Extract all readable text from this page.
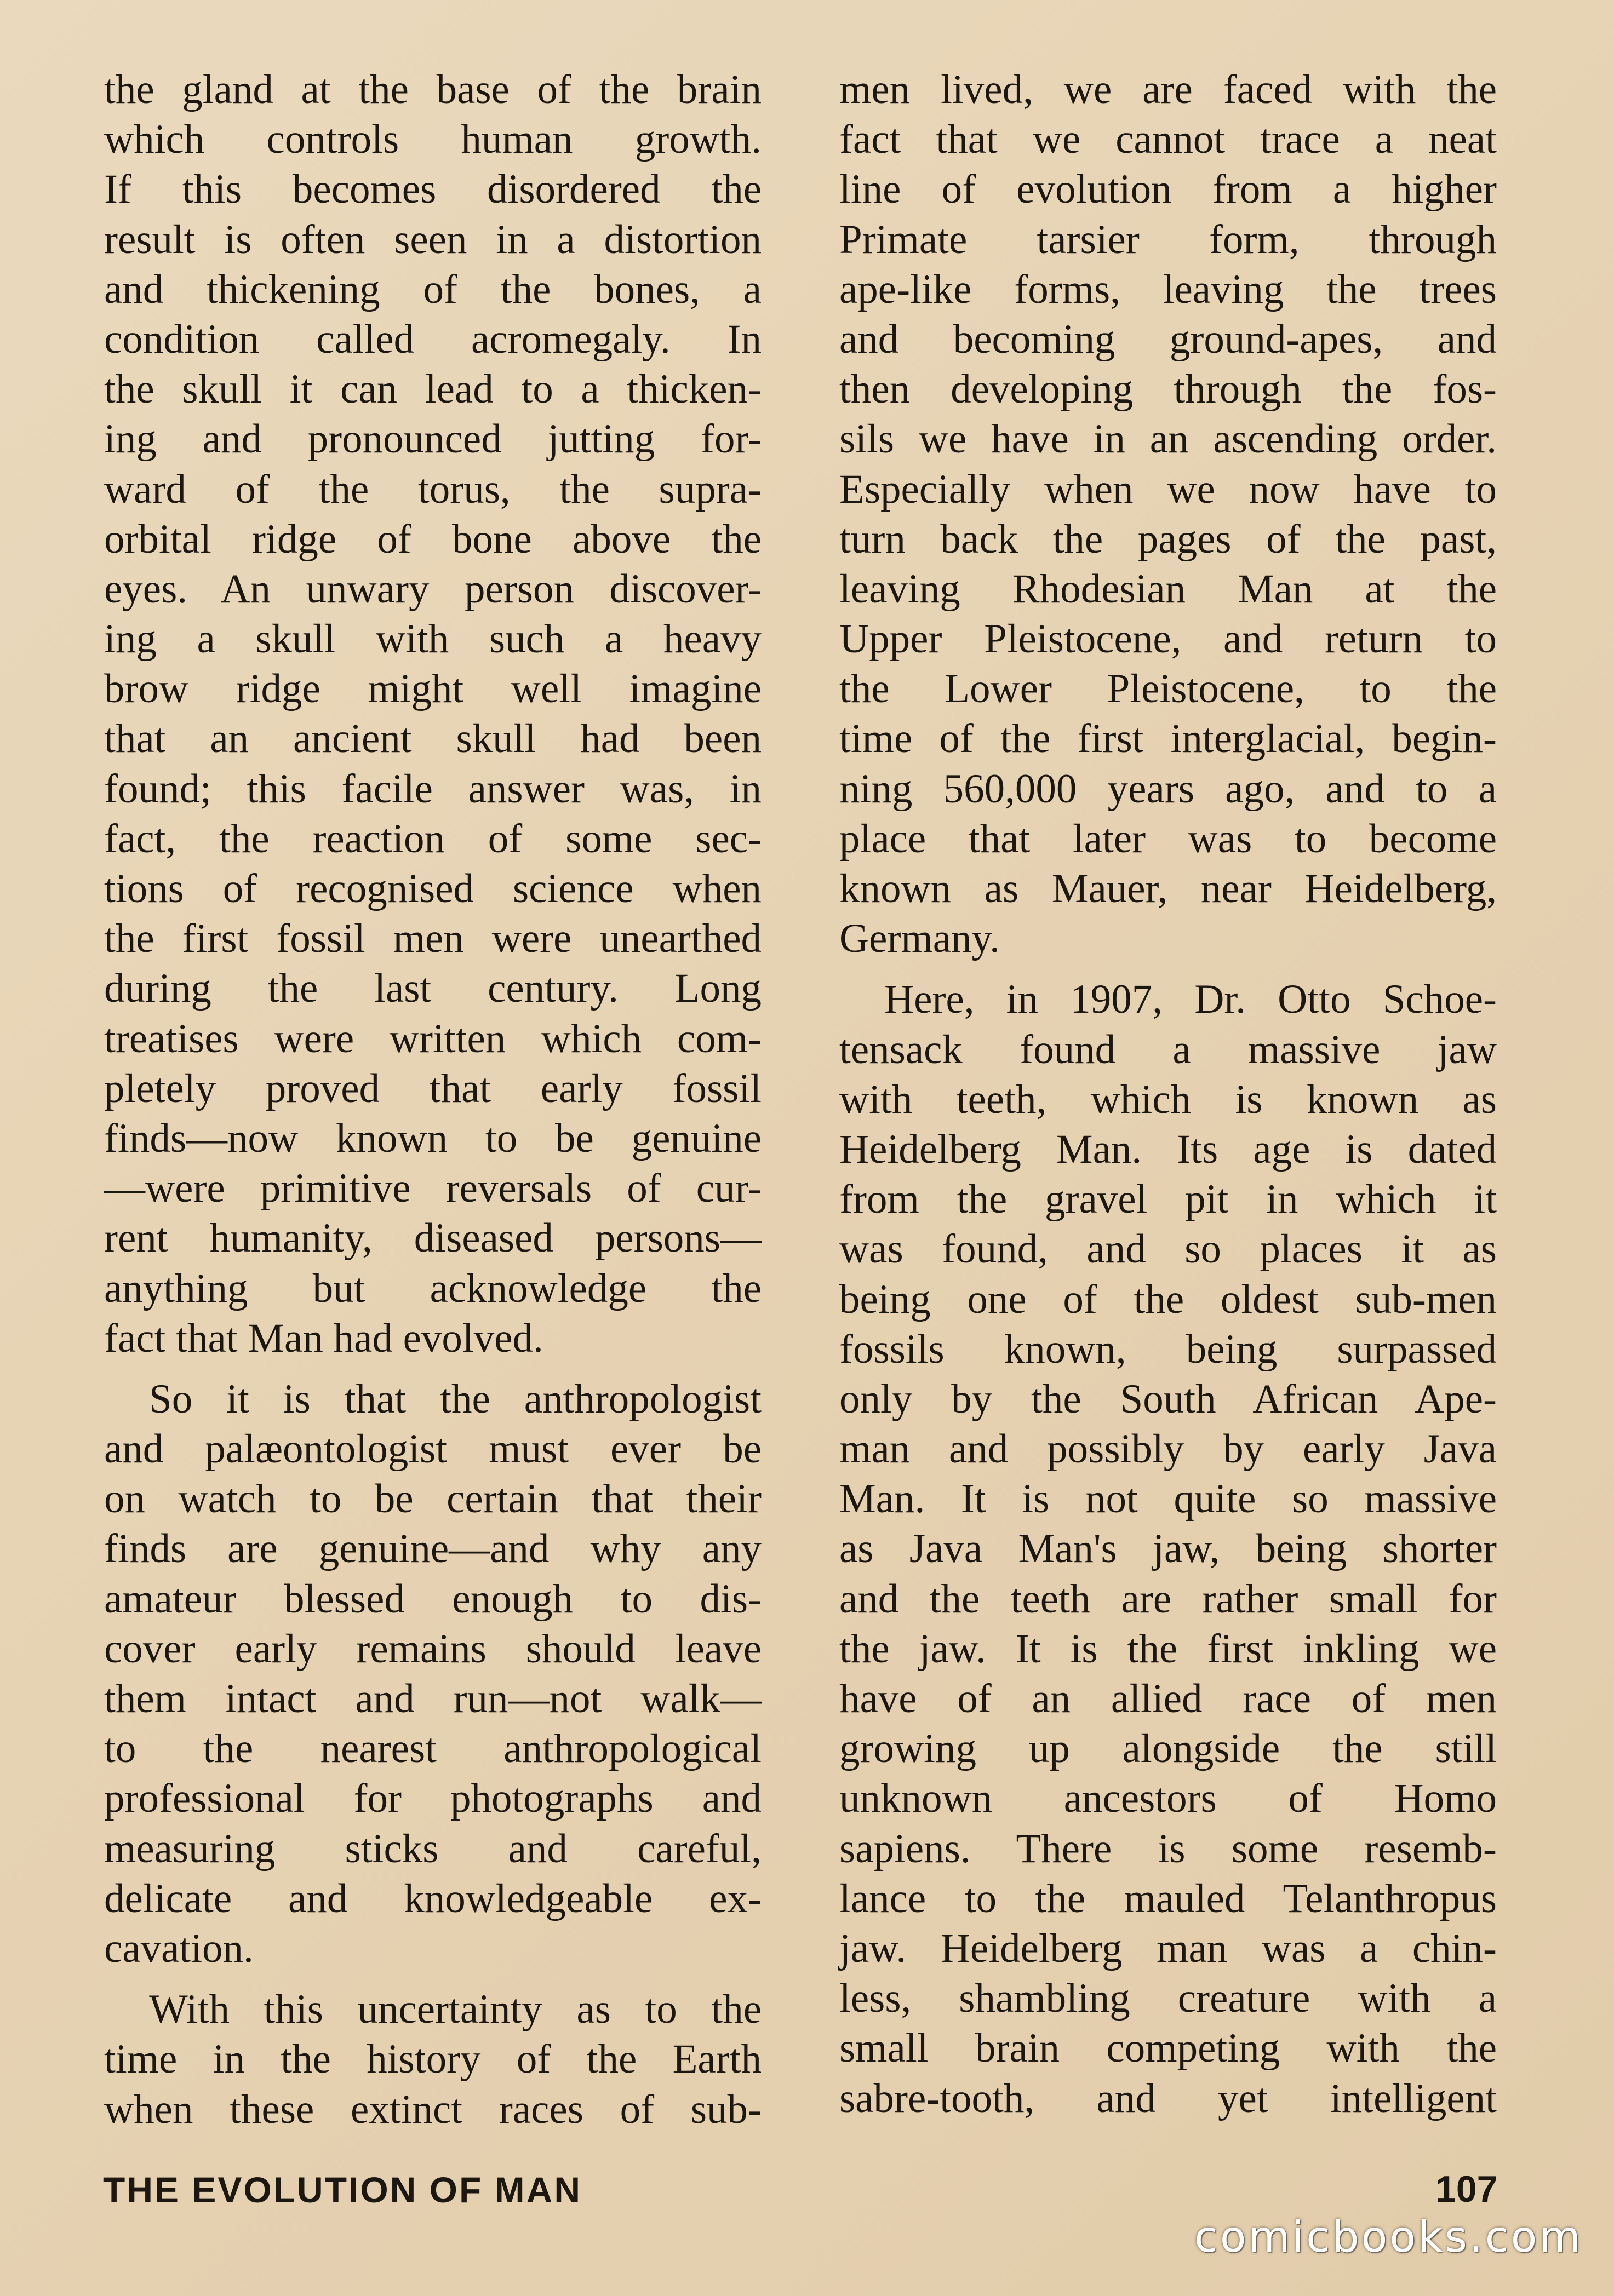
the gland at the base of the brain
which controls human growth.
If this becomes disordered the
result is often seen in a distortion
and thickening of the bones, a
condition called acromegaly. In
the skull it can lead to a thicken-
ing and pronounced jutting for-
ward of the torus, the supra-
orbital ridge of bone above the
eyes. An unwary person discover-
ing a skull with such a heavy
brow ridge might well imagine
that an ancient skull had been
found; this facile answer was, in
fact, the reaction of some sec-
tions of recognised science when
the first fossil men were unearthed
during the last century. Long
treatises were written which com-
pletely proved that early fossil
finds—now known to be genuine
—were primitive reversals of cur-
rent humanity, diseased persons—
anything but acknowledge the
fact that Man had evolved.
So it is that the anthropologist
and palæontologist must ever be
on watch to be certain that their
finds are genuine—and why any
amateur blessed enough to dis-
cover early remains should leave
them intact and run—not walk—
to the nearest anthropological
professional for photographs and
measuring sticks and careful,
delicate and knowledgeable ex-
cavation.
With this uncertainty as to the
time in the history of the Earth
when these extinct races of sub-
men lived, we are faced with the
fact that we cannot trace a neat
line of evolution from a higher
Primate tarsier form, through
ape-like forms, leaving the trees
and becoming ground-apes, and
then developing through the fos-
sils we have in an ascending order.
Especially when we now have to
turn back the pages of the past,
leaving Rhodesian Man at the
Upper Pleistocene, and return to
the Lower Pleistocene, to the
time of the first interglacial, begin-
ning 560,000 years ago, and to a
place that later was to become
known as Mauer, near Heidelberg,
Germany.
Here, in 1907, Dr. Otto Schoe-
tensack found a massive jaw
with teeth, which is known as
Heidelberg Man. Its age is dated
from the gravel pit in which it
was found, and so places it as
being one of the oldest sub-men
fossils known, being surpassed
only by the South African Ape-
man and possibly by early Java
Man. It is not quite so massive
as Java Man's jaw, being shorter
and the teeth are rather small for
the jaw. It is the first inkling we
have of an allied race of men
growing up alongside the still
unknown ancestors of Homo
sapiens. There is some resemb-
lance to the mauled Telanthropus
jaw. Heidelberg man was a chin-
less, shambling creature with a
small brain competing with the
sabre-tooth, and yet intelligent
THE EVOLUTION OF MAN	107
comicbooks.com
